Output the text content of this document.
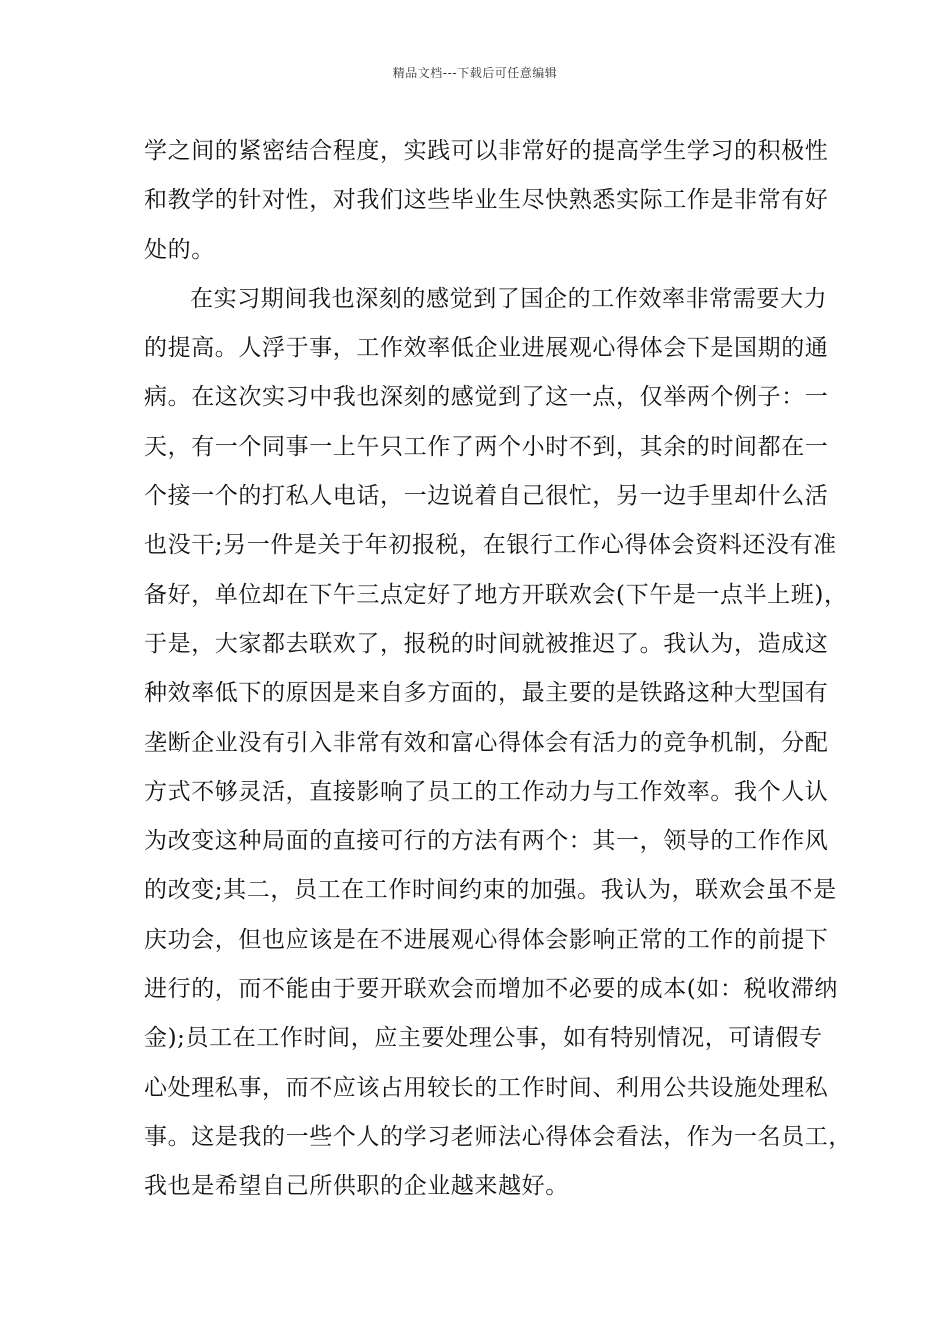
精品文档---下载后可任意编辑
学之间的紧密结合程度，实践可以非常好的提高学生学习的积极性
和教学的针对性，对我们这些毕业生尽快熟悉实际工作是非常有好
处的。
在实习期间我也深刻的感觉到了国企的工作效率非常需要大力
的提高。人浮于事，工作效率低企业进展观心得体会下是国期的通
病。在这次实习中我也深刻的感觉到了这一点，仅举两个例子：一
天，有一个同事一上午只工作了两个小时不到，其余的时间都在一
个接一个的打私人电话，一边说着自己很忙，另一边手里却什么活
也没干;另一件是关于年初报税，在银行工作心得体会资料还没有准
备好，单位却在下午三点定好了地方开联欢会(下午是一点半上班)，
于是，大家都去联欢了，报税的时间就被推迟了。我认为，造成这
种效率低下的原因是来自多方面的，最主要的是铁路这种大型国有
垄断企业没有引入非常有效和富心得体会有活力的竞争机制，分配
方式不够灵活，直接影响了员工的工作动力与工作效率。我个人认
为改变这种局面的直接可行的方法有两个：其一，领导的工作作风
的改变;其二，员工在工作时间约束的加强。我认为，联欢会虽不是
庆功会，但也应该是在不进展观心得体会影响正常的工作的前提下
进行的，而不能由于要开联欢会而增加不必要的成本(如：税收滞纳
金);员工在工作时间，应主要处理公事，如有特别情况，可请假专
心处理私事，而不应该占用较长的工作时间、利用公共设施处理私
事。这是我的一些个人的学习老师法心得体会看法，作为一名员工，
我也是希望自己所供职的企业越来越好。
